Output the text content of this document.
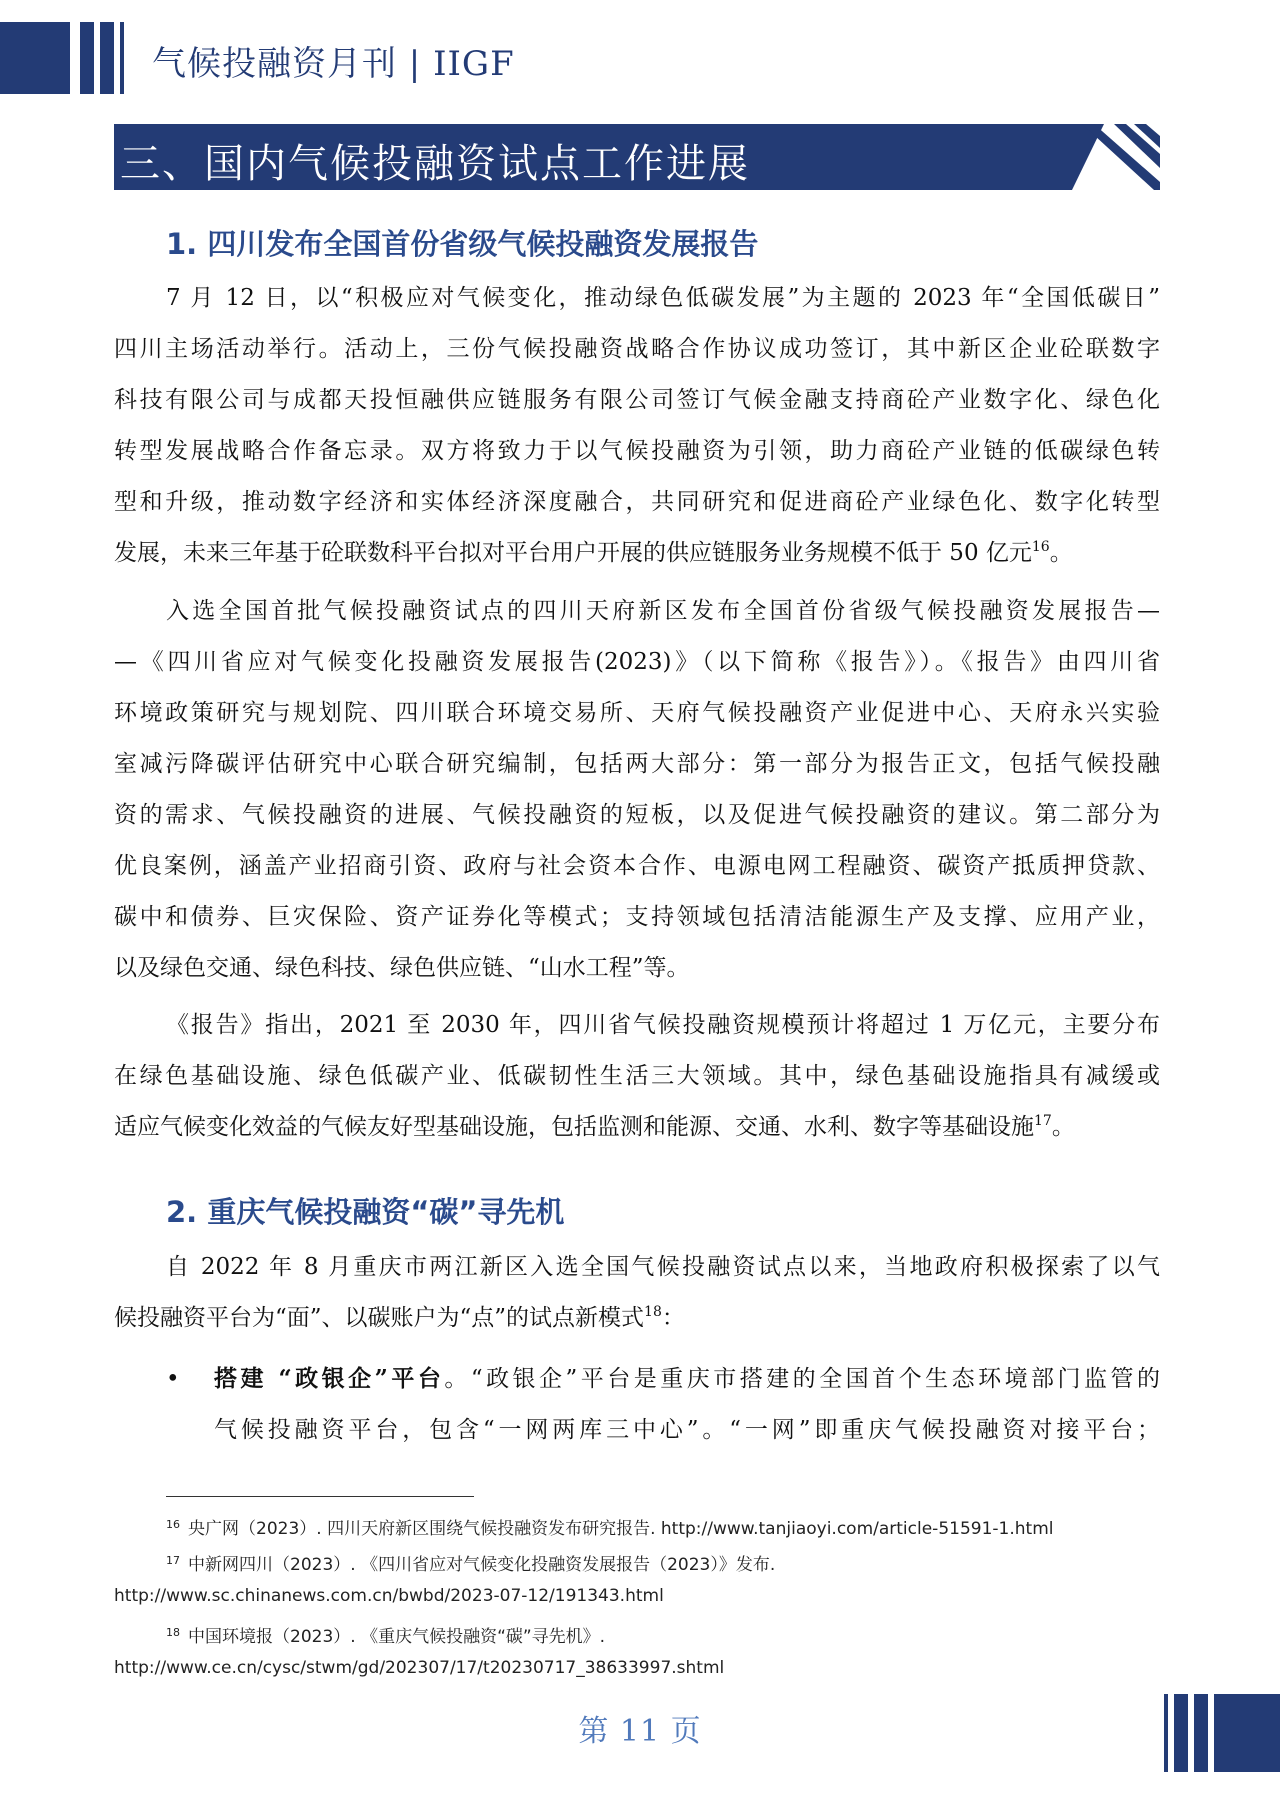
气候投融资月刊 | IIGF
三、国内气候投融资试点工作进展
1. 四川发布全国首份省级气候投融资发展报告
7 月 12 日，以“积极应对气候变化，推动绿色低碳发展”为主题的 2023 年“全国低碳日”
四川主场活动举行。活动上，三份气候投融资战略合作协议成功签订，其中新区企业砼联数字
科技有限公司与成都天投恒融供应链服务有限公司签订气候金融支持商砼产业数字化、绿色化
转型发展战略合作备忘录。双方将致力于以气候投融资为引领，助力商砼产业链的低碳绿色转
型和升级，推动数字经济和实体经济深度融合，共同研究和促进商砼产业绿色化、数字化转型
发展，未来三年基于砼联数科平台拟对平台用户开展的供应链服务业务规模不低于 50 亿元$^{16}$。
入选全国首批气候投融资试点的四川天府新区发布全国首份省级气候投融资发展报告—
—《四川省应对气候变化投融资发展报告(2023)》（以下简称《报告》）。《报告》由四川省
环境政策研究与规划院、四川联合环境交易所、天府气候投融资产业促进中心、天府永兴实验
室减污降碳评估研究中心联合研究编制，包括两大部分：第一部分为报告正文，包括气候投融
资的需求、气候投融资的进展、气候投融资的短板，以及促进气候投融资的建议。第二部分为
优良案例，涵盖产业招商引资、政府与社会资本合作、电源电网工程融资、碳资产抵质押贷款、
碳中和债券、巨灾保险、资产证券化等模式；支持领域包括清洁能源生产及支撑、应用产业，
以及绿色交通、绿色科技、绿色供应链、“山水工程”等。
《报告》指出，2021 至 2030 年，四川省气候投融资规模预计将超过 1 万亿元，主要分布
在绿色基础设施、绿色低碳产业、低碳韧性生活三大领域。其中，绿色基础设施指具有减缓或
适应气候变化效益的气候友好型基础设施，包括监测和能源、交通、水利、数字等基础设施$^{17}$。
2. 重庆气候投融资“碳”寻先机
自 2022 年 8 月重庆市两江新区入选全国气候投融资试点以来，当地政府积极探索了以气
候投融资平台为“面”、以碳账户为“点”的试点新模式$^{18}$：
• 搭建 “政银企”平台。“政银企”平台是重庆市搭建的全国首个生态环境部门监管的
气候投融资平台，包含“一网两库三中心”。“一网”即重庆气候投融资对接平台；
$^{16}$ 央广网（2023）. 四川天府新区围绕气候投融资发布研究报告. http://www.tanjiaoyi.com/article-51591-1.html
$^{17}$ 中新网四川（2023）. 《四川省应对气候变化投融资发展报告（2023）》发布.
http://www.sc.chinanews.com.cn/bwbd/2023-07-12/191343.html
$^{18}$ 中国环境报（2023）. 《重庆气候投融资“碳”寻先机》.
http://www.ce.cn/cysc/stwm/gd/202307/17/t20230717_38633997.shtml
第 11 页
